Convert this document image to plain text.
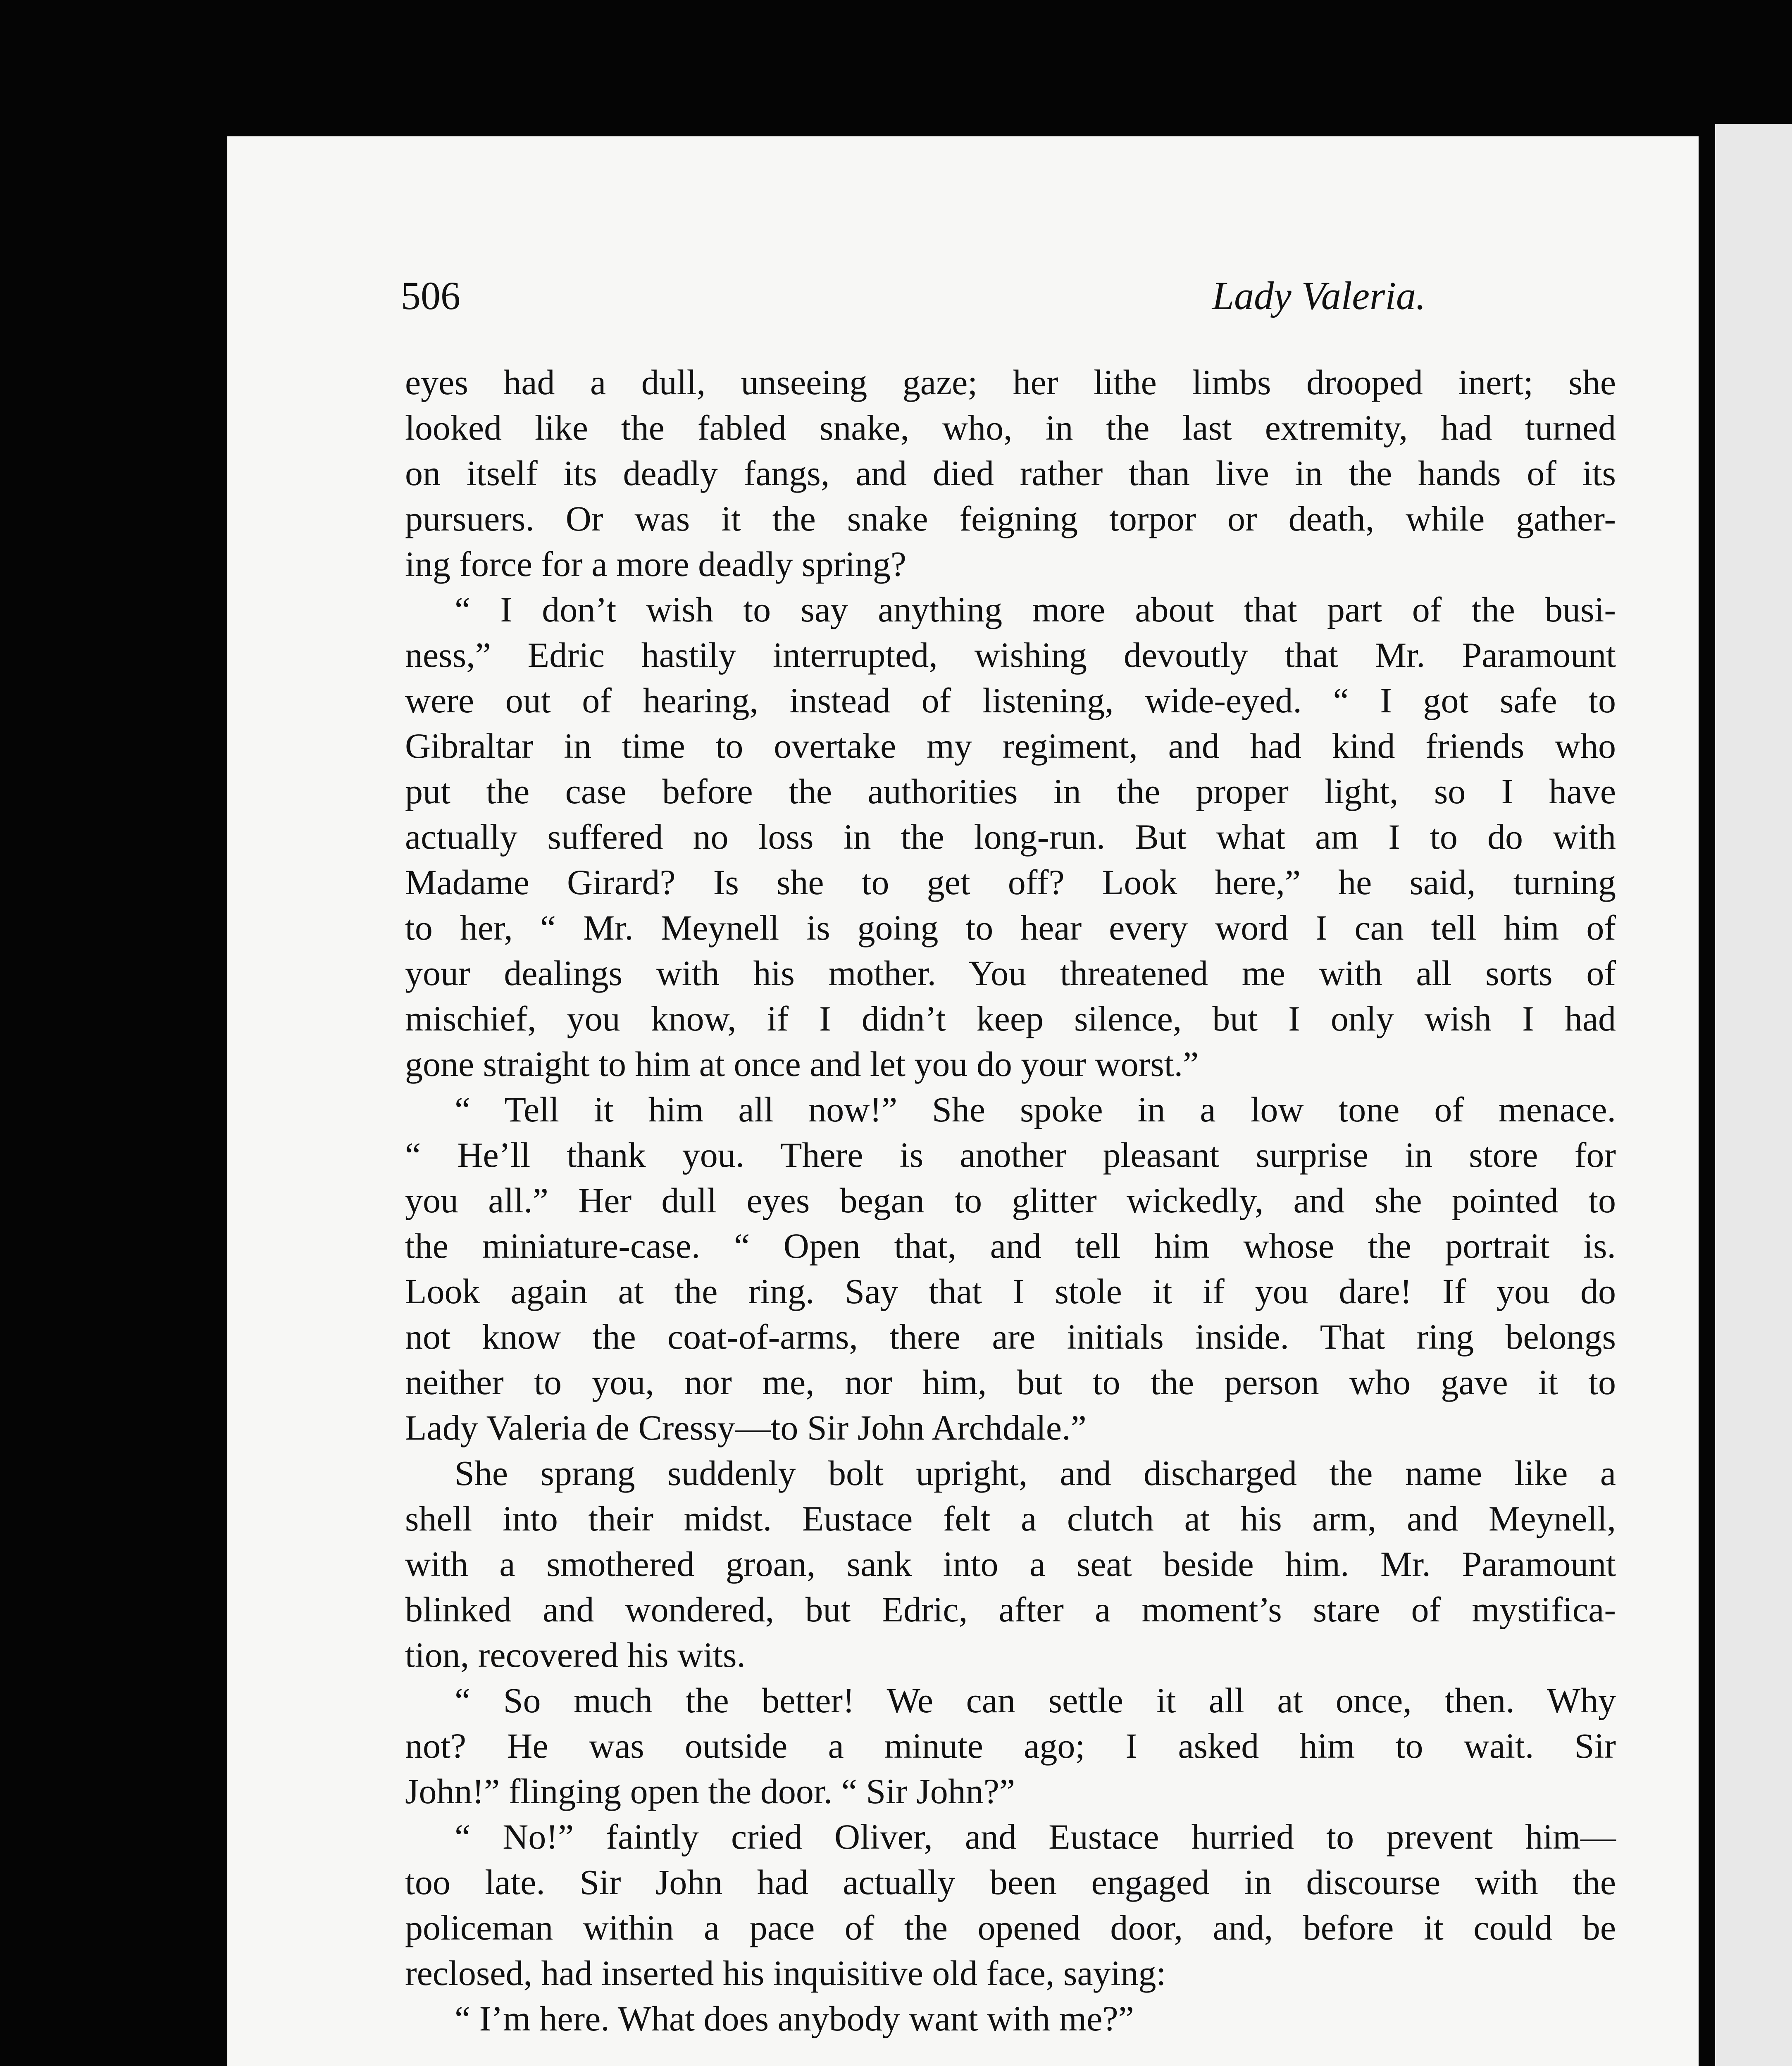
506	Lady Valeria.
eyes had a dull, unseeing gaze; her lithe limbs drooped inert; she
looked like the fabled snake, who, in the last extremity, had turned
on itself its deadly fangs, and died rather than live in the hands of its
pursuers. Or was it the snake feigning torpor or death, while gather-
ing force for a more deadly spring?
“ I don’t wish to say anything more about that part of the busi-
ness,” Edric hastily interrupted, wishing devoutly that Mr. Paramount
were out of hearing, instead of listening, wide-eyed. “ I got safe to
Gibraltar in time to overtake my regiment, and had kind friends who
put the case before the authorities in the proper light, so I have
actually suffered no loss in the long-run. But what am I to do with
Madame Girard? Is she to get off? Look here,” he said, turning
to her, “ Mr. Meynell is going to hear every word I can tell him of
your dealings with his mother. You threatened me with all sorts of
mischief, you know, if I didn’t keep silence, but I only wish I had
gone straight to him at once and let you do your worst.”
“ Tell it him all now!” She spoke in a low tone of menace.
“ He’ll thank you. There is another pleasant surprise in store for
you all.” Her dull eyes began to glitter wickedly, and she pointed to
the miniature-case. “ Open that, and tell him whose the portrait is.
Look again at the ring. Say that I stole it if you dare! If you do
not know the coat-of-arms, there are initials inside. That ring belongs
neither to you, nor me, nor him, but to the person who gave it to
Lady Valeria de Cressy—to Sir John Archdale.”
She sprang suddenly bolt upright, and discharged the name like a
shell into their midst. Eustace felt a clutch at his arm, and Meynell,
with a smothered groan, sank into a seat beside him. Mr. Paramount
blinked and wondered, but Edric, after a moment’s stare of mystifica-
tion, recovered his wits.
“ So much the better! We can settle it all at once, then. Why
not? He was outside a minute ago; I asked him to wait. Sir
John!” flinging open the door. “ Sir John?”
“ No!” faintly cried Oliver, and Eustace hurried to prevent him—
too late. Sir John had actually been engaged in discourse with the
policeman within a pace of the opened door, and, before it could be
reclosed, had inserted his inquisitive old face, saying:
“ I’m here. What does anybody want with me?”
